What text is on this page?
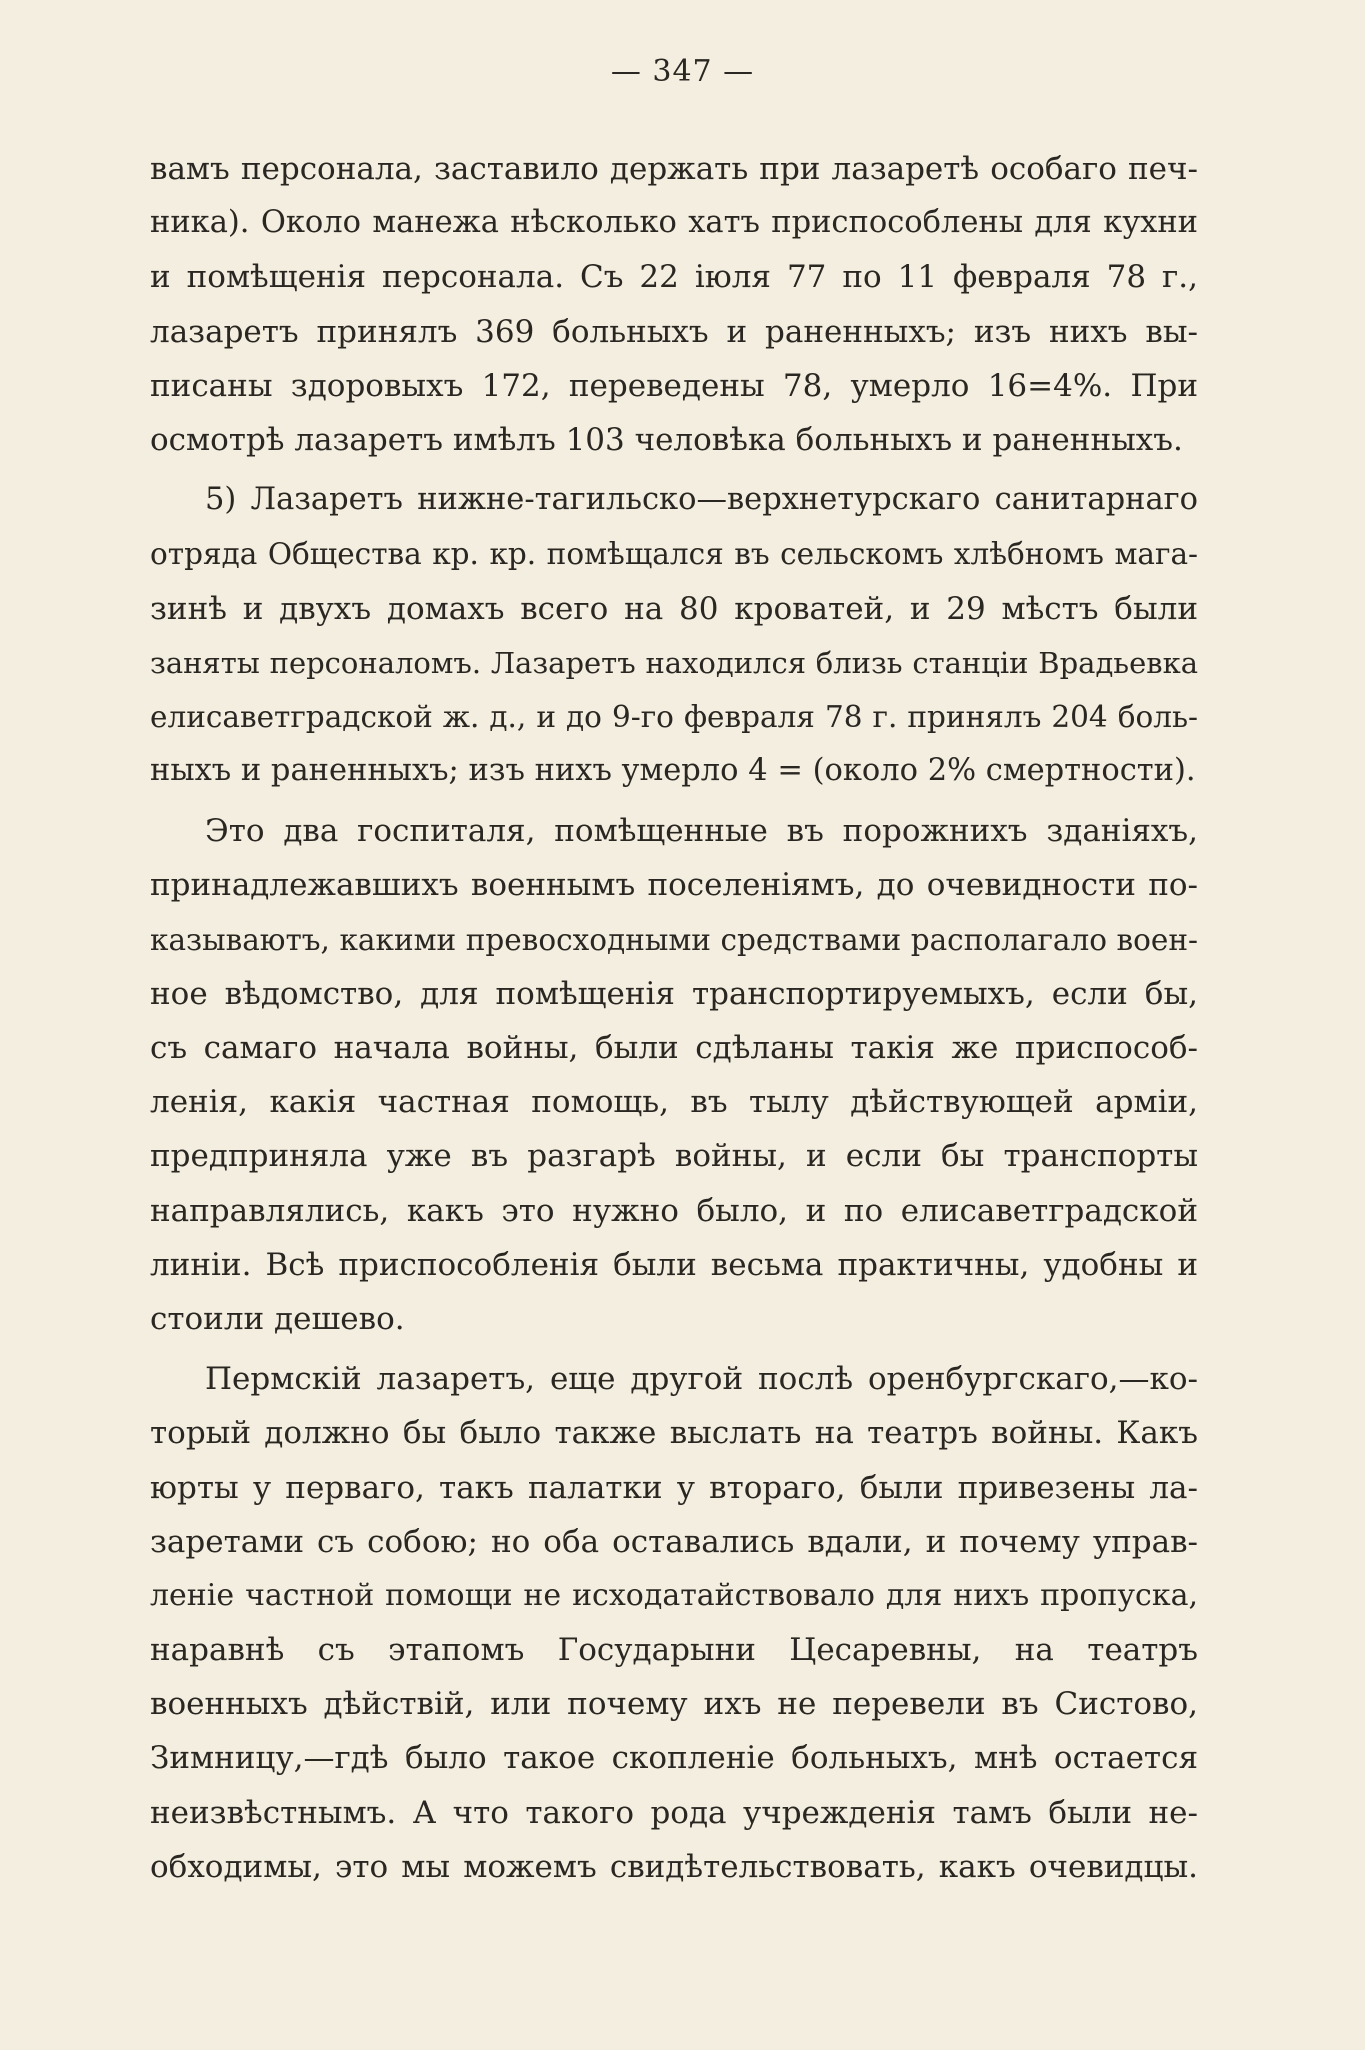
— 347 —
вамъ персонала, заставило держать при лазаретѣ особаго печ-
ника). Около манежа нѣсколько хатъ приспособлены для кухни
и помѣщенія персонала. Съ 22 іюля 77 по 11 февраля 78 г.,
лазаретъ принялъ 369 больныхъ и раненныхъ; изъ нихъ вы-
писаны здоровыхъ 172, переведены 78, умерло 16=4%. При
осмотрѣ лазаретъ имѣлъ 103 человѣка больныхъ и раненныхъ.
5) Лазаретъ нижне-тагильско—верхнетурскаго санитарнаго
отряда Общества кр. кр. помѣщался въ сельскомъ хлѣбномъ мага-
зинѣ и двухъ домахъ всего на 80 кроватей, и 29 мѣстъ были
заняты персоналомъ. Лазаретъ находился близь станціи Врадьевка
елисаветградской ж. д., и до 9-го февраля 78 г. принялъ 204 боль-
ныхъ и раненныхъ; изъ нихъ умерло 4 = (около 2% смертности).
Это два госпиталя, помѣщенные въ порожнихъ зданіяхъ,
принадлежавшихъ военнымъ поселеніямъ, до очевидности по-
казываютъ, какими превосходными средствами располагало воен-
ное вѣдомство, для помѣщенія транспортируемыхъ, если бы,
съ самаго начала войны, были сдѣланы такія же приспособ-
ленія, какія частная помощь, въ тылу дѣйствующей арміи,
предприняла уже въ разгарѣ войны, и если бы транспорты
направлялись, какъ это нужно было, и по елисаветградской
линіи. Всѣ приспособленія были весьма практичны, удобны и
стоили дешево.
Пермскій лазаретъ, еще другой послѣ оренбургскаго,—ко-
торый должно бы было также выслать на театръ войны. Какъ
юрты у перваго, такъ палатки у втораго, были привезены ла-
заретами съ собою; но оба оставались вдали, и почему управ-
леніе частной помощи не исходатайствовало для нихъ пропуска,
наравнѣ съ этапомъ Государыни Цесаревны, на театръ
военныхъ дѣйствій, или почему ихъ не перевели въ Систово,
Зимницу,—гдѣ было такое скопленіе больныхъ, мнѣ остается
неизвѣстнымъ. А что такого рода учрежденія тамъ были не-
обходимы, это мы можемъ свидѣтельствовать, какъ очевидцы.
